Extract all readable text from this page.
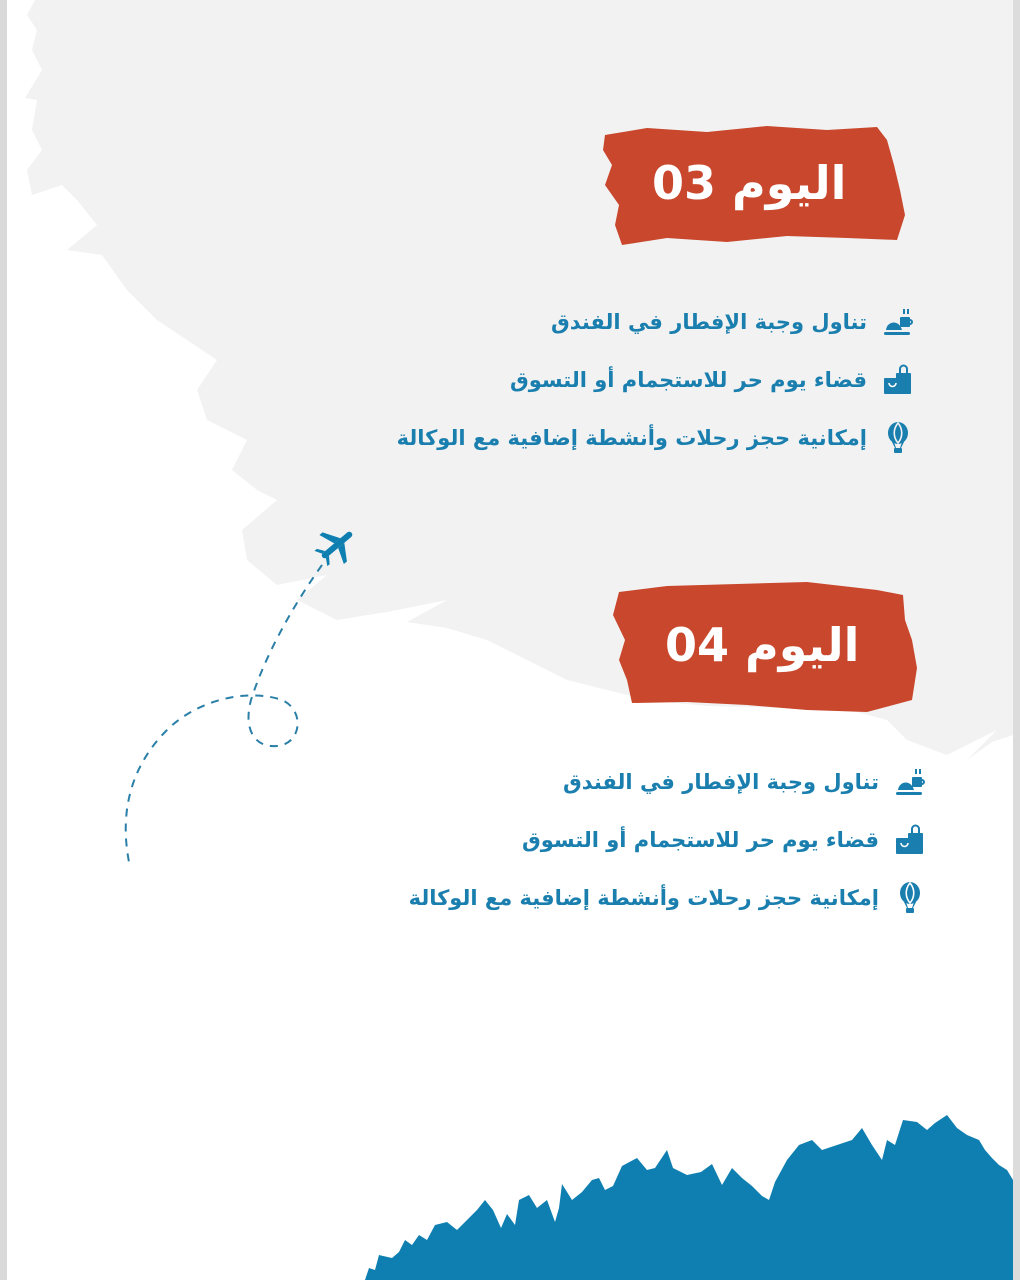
اليوم 03
تناول وجبة الإفطار في الفندق
قضاء يوم حر للاستجمام أو التسوق
إمكانية حجز رحلات وأنشطة إضافية مع الوكالة
اليوم 04
تناول وجبة الإفطار في الفندق
قضاء يوم حر للاستجمام أو التسوق
إمكانية حجز رحلات وأنشطة إضافية مع الوكالة
